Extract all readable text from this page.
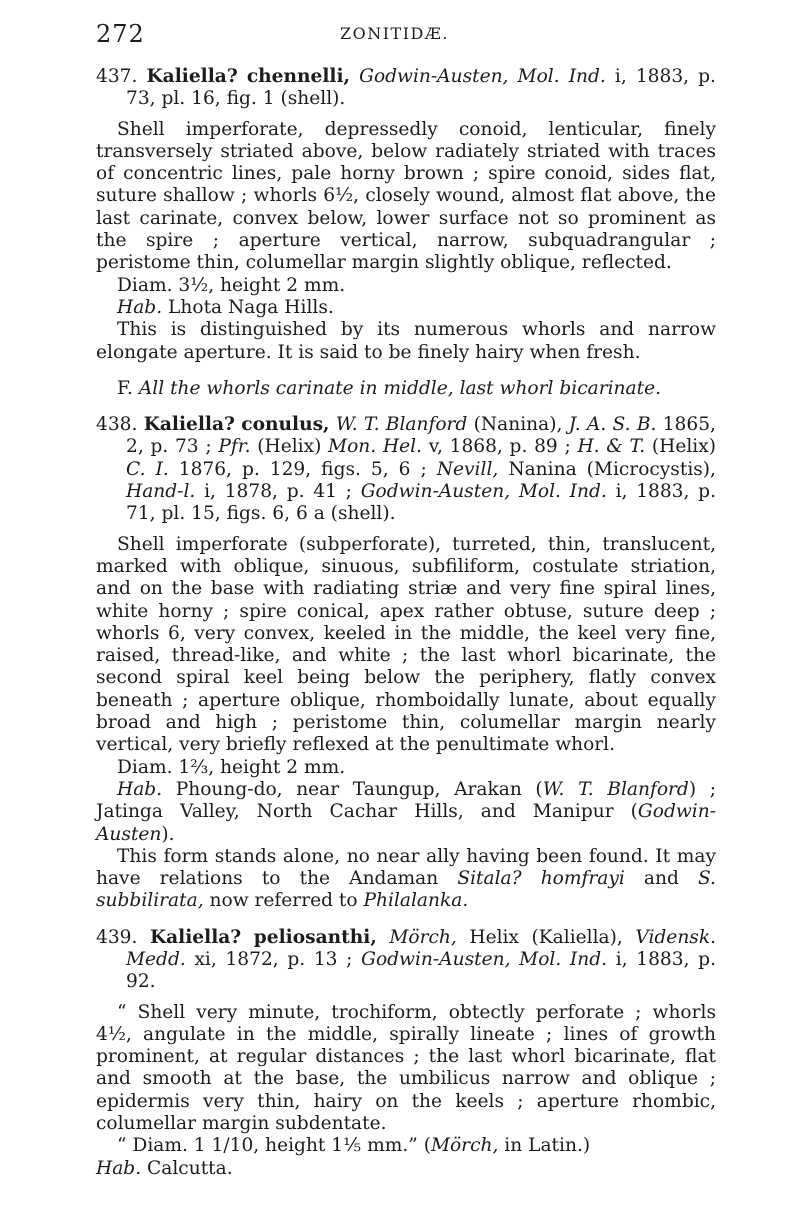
272	ZONITIDÆ.

437. Kaliella? chennelli, Godwin-Austen, Mol. Ind. i, 1883, p. 73, pl. 16, fig. 1 (shell).

Shell imperforate, depressedly conoid, lenticular, finely transversely striated above, below radiately striated with traces of concentric lines, pale horny brown ; spire conoid, sides flat, suture shallow ; whorls 6½, closely wound, almost flat above, the last carinate, convex below, lower surface not so prominent as the spire ; aperture vertical, narrow, subquadrangular ; peristome thin, columellar margin slightly oblique, reflected.

Diam. 3½, height 2 mm.

Hab. Lhota Naga Hills.

This is distinguished by its numerous whorls and narrow elongate aperture. It is said to be finely hairy when fresh.

F. All the whorls carinate in middle, last whorl bicarinate.

438. Kaliella? conulus, W. T. Blanford (Nanina), J. A. S. B. 1865, 2, p. 73 ; Pfr. (Helix) Mon. Hel. v, 1868, p. 89 ; H. & T. (Helix) C. I. 1876, p. 129, figs. 5, 6 ; Nevill, Nanina (Microcystis), Hand-l. i, 1878, p. 41 ; Godwin-Austen, Mol. Ind. i, 1883, p. 71, pl. 15, figs. 6, 6 a (shell).

Shell imperforate (subperforate), turreted, thin, translucent, marked with oblique, sinuous, subfiliform, costulate striation, and on the base with radiating striæ and very fine spiral lines, white horny ; spire conical, apex rather obtuse, suture deep ; whorls 6, very convex, keeled in the middle, the keel very fine, raised, thread-like, and white ; the last whorl bicarinate, the second spiral keel being below the periphery, flatly convex beneath ; aperture oblique, rhomboidally lunate, about equally broad and high ; peristome thin, columellar margin nearly vertical, very briefly reflexed at the penultimate whorl.

Diam. 1⅔, height 2 mm.

Hab. Phoung-do, near Taungup, Arakan (W. T. Blanford) ; Jatinga Valley, North Cachar Hills, and Manipur (Godwin-Austen).

This form stands alone, no near ally having been found. It may have relations to the Andaman Sitala? homfrayi and S. subbilirata, now referred to Philalanka.

439. Kaliella? peliosanthi, Mörch, Helix (Kaliella), Vidensk. Medd. xi, 1872, p. 13 ; Godwin-Austen, Mol. Ind. i, 1883, p. 92.

“ Shell very minute, trochiform, obtectly perforate ; whorls 4½, angulate in the middle, spirally lineate ; lines of growth prominent, at regular distances ; the last whorl bicarinate, flat and smooth at the base, the umbilicus narrow and oblique ; epidermis very thin, hairy on the keels ; aperture rhombic, columellar margin subdentate.

“ Diam. 1 1/10, height 1⅕ mm.” (Mörch, in Latin.)

Hab. Calcutta.
